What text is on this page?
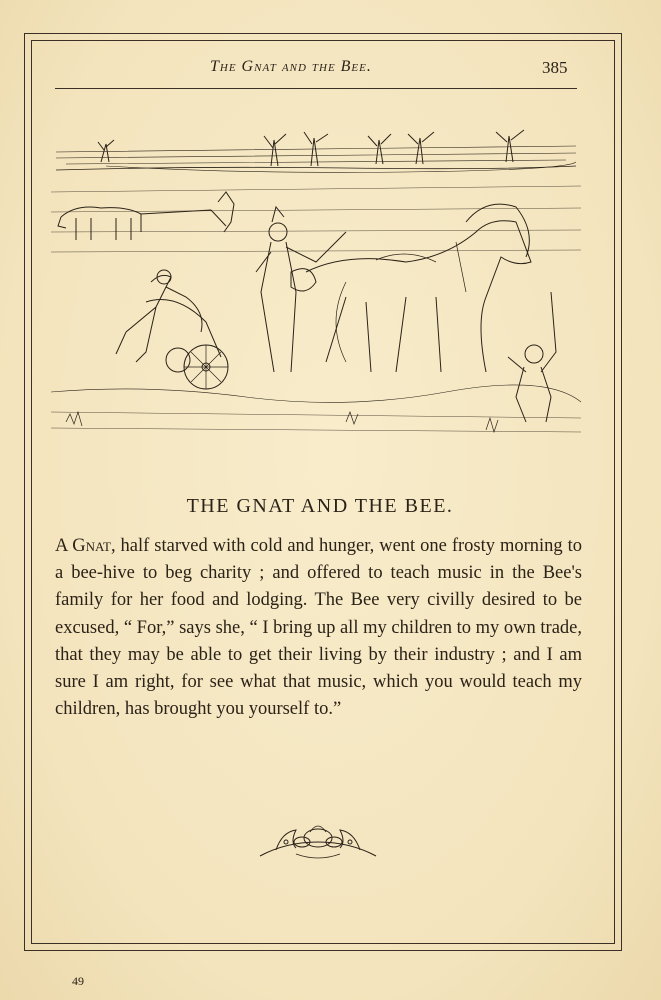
The Gnat and the Bee.	385
THE GNAT AND THE BEE.
A Gnat, half starved with cold and hunger, went one frosty morning to a bee-hive to beg charity ; and offered to teach music in the Bee's family for her food and lodging. The Bee very civilly desired to be excused, “ For,” says she, “ I bring up all my children to my own trade, that they may be able to get their living by their industry ; and I am sure I am right, for see what that music, which you would teach my children, has brought you yourself to.”
49
